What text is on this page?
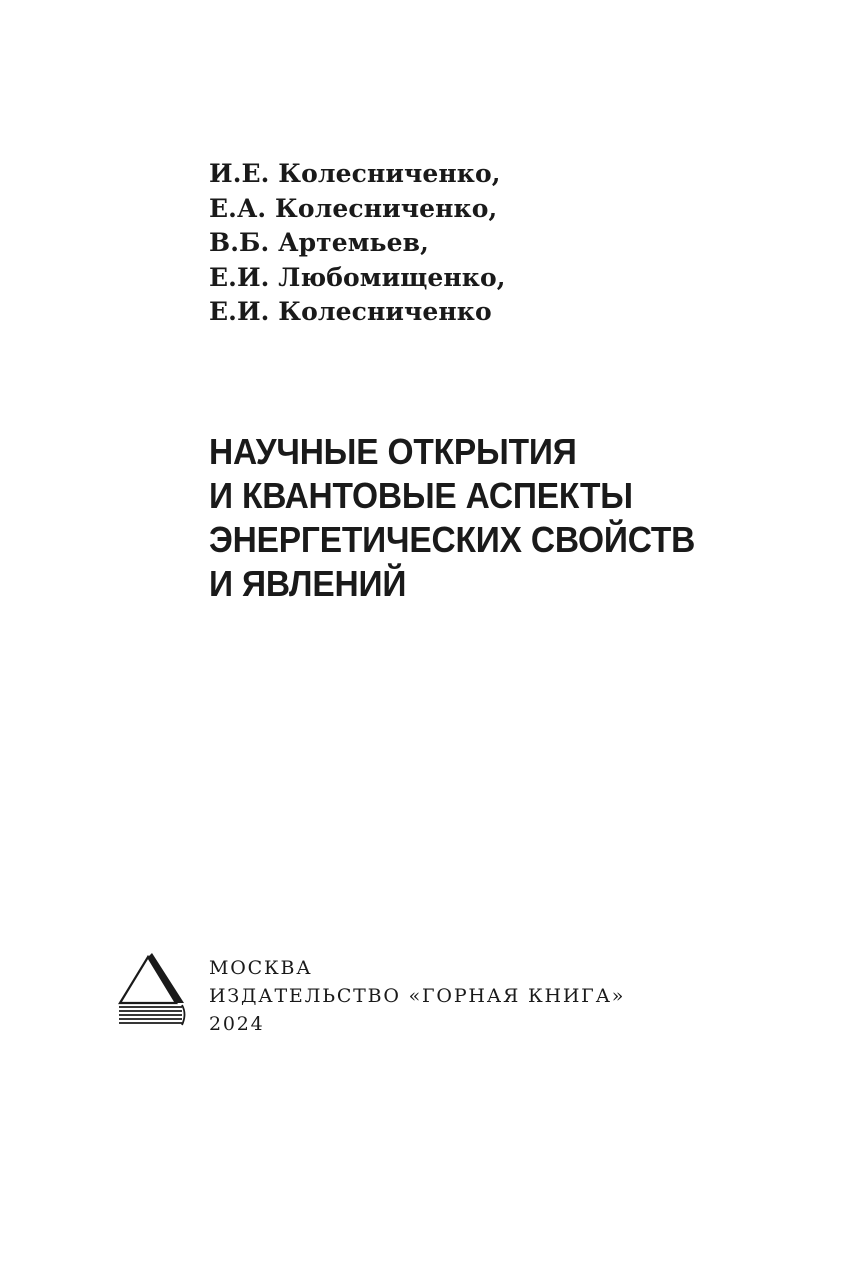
И.Е. Колесниченко,
Е.А. Колесниченко,
В.Б. Артемьев,
Е.И. Любомищенко,
Е.И. Колесниченко
НАУЧНЫЕ ОТКРЫТИЯ
И КВАНТОВЫЕ АСПЕКТЫ
ЭНЕРГЕТИЧЕСКИХ СВОЙСТВ
И ЯВЛЕНИЙ
МОСКВА
ИЗДАТЕЛЬСТВО «ГОРНАЯ КНИГА»
2024
